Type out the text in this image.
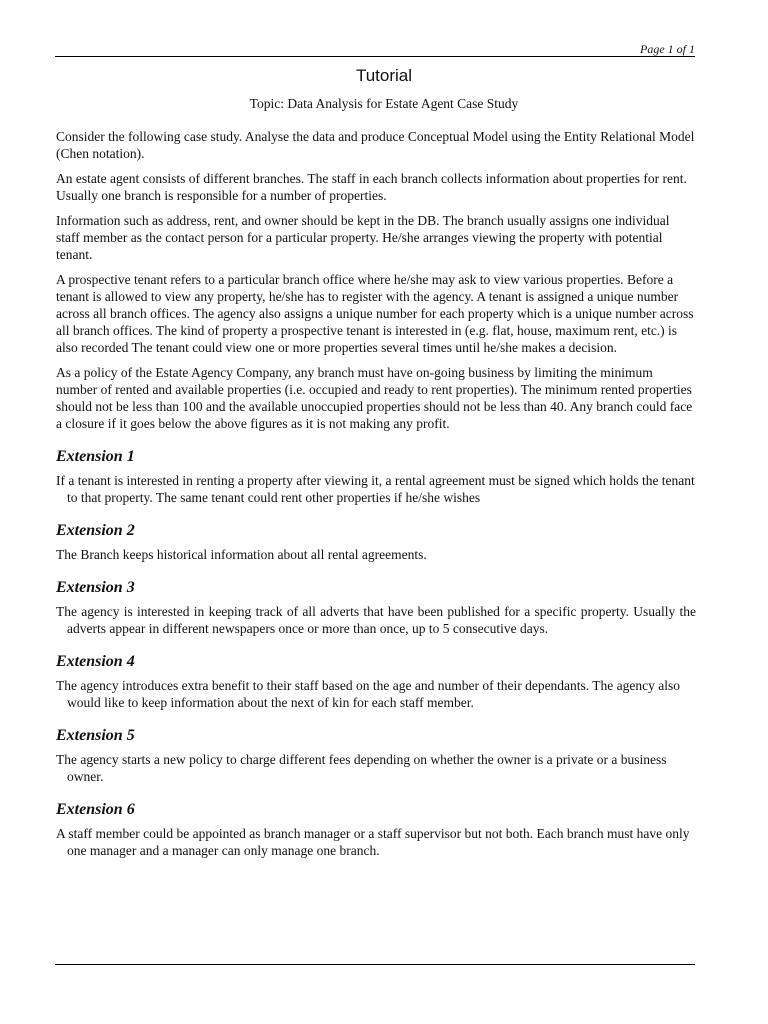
Page 1 of 1
Tutorial
Topic: Data Analysis for Estate Agent Case Study

Consider the following case study. Analyse the data and produce Conceptual Model using the Entity Relational Model (Chen notation).

An estate agent consists of different branches. The staff in each branch collects information about properties for rent. Usually one branch is responsible for a number of properties.

Information such as address, rent, and owner should be kept in the DB. The branch usually assigns one individual staff member as the contact person for a particular property. He/she arranges viewing the property with potential tenant.

A prospective tenant refers to a particular branch office where he/she may ask to view various properties. Before a tenant is allowed to view any property, he/she has to register with the agency. A tenant is assigned a unique number across all branch offices. The agency also assigns a unique number for each property which is a unique number across all branch offices. The kind of property a prospective tenant is interested in (e.g. flat, house, maximum rent, etc.) is also recorded The tenant could view one or more properties several times until he/she makes a decision.

As a policy of the Estate Agency Company, any branch must have on-going business by limiting the minimum number of rented and available properties (i.e. occupied and ready to rent properties). The minimum rented properties should not be less than 100 and the available unoccupied properties should not be less than 40. Any branch could face a closure if it goes below the above figures as it is not making any profit.

Extension 1

If a tenant is interested in renting a property after viewing it, a rental agreement must be signed which holds the tenant to that property. The same tenant could rent other properties if he/she wishes

Extension 2

The Branch keeps historical information about all rental agreements.

Extension 3

The agency is interested in keeping track of all adverts that have been published for a specific property. Usually the adverts appear in different newspapers once or more than once, up to 5 consecutive days.

Extension 4

The agency introduces extra benefit to their staff based on the age and number of their dependants. The agency also would like to keep information about the next of kin for each staff member.

Extension 5

The agency starts a new policy to charge different fees depending on whether the owner is a private or a business owner.

Extension 6

A staff member could be appointed as branch manager or a staff supervisor but not both. Each branch must have only one manager and a manager can only manage one branch.
